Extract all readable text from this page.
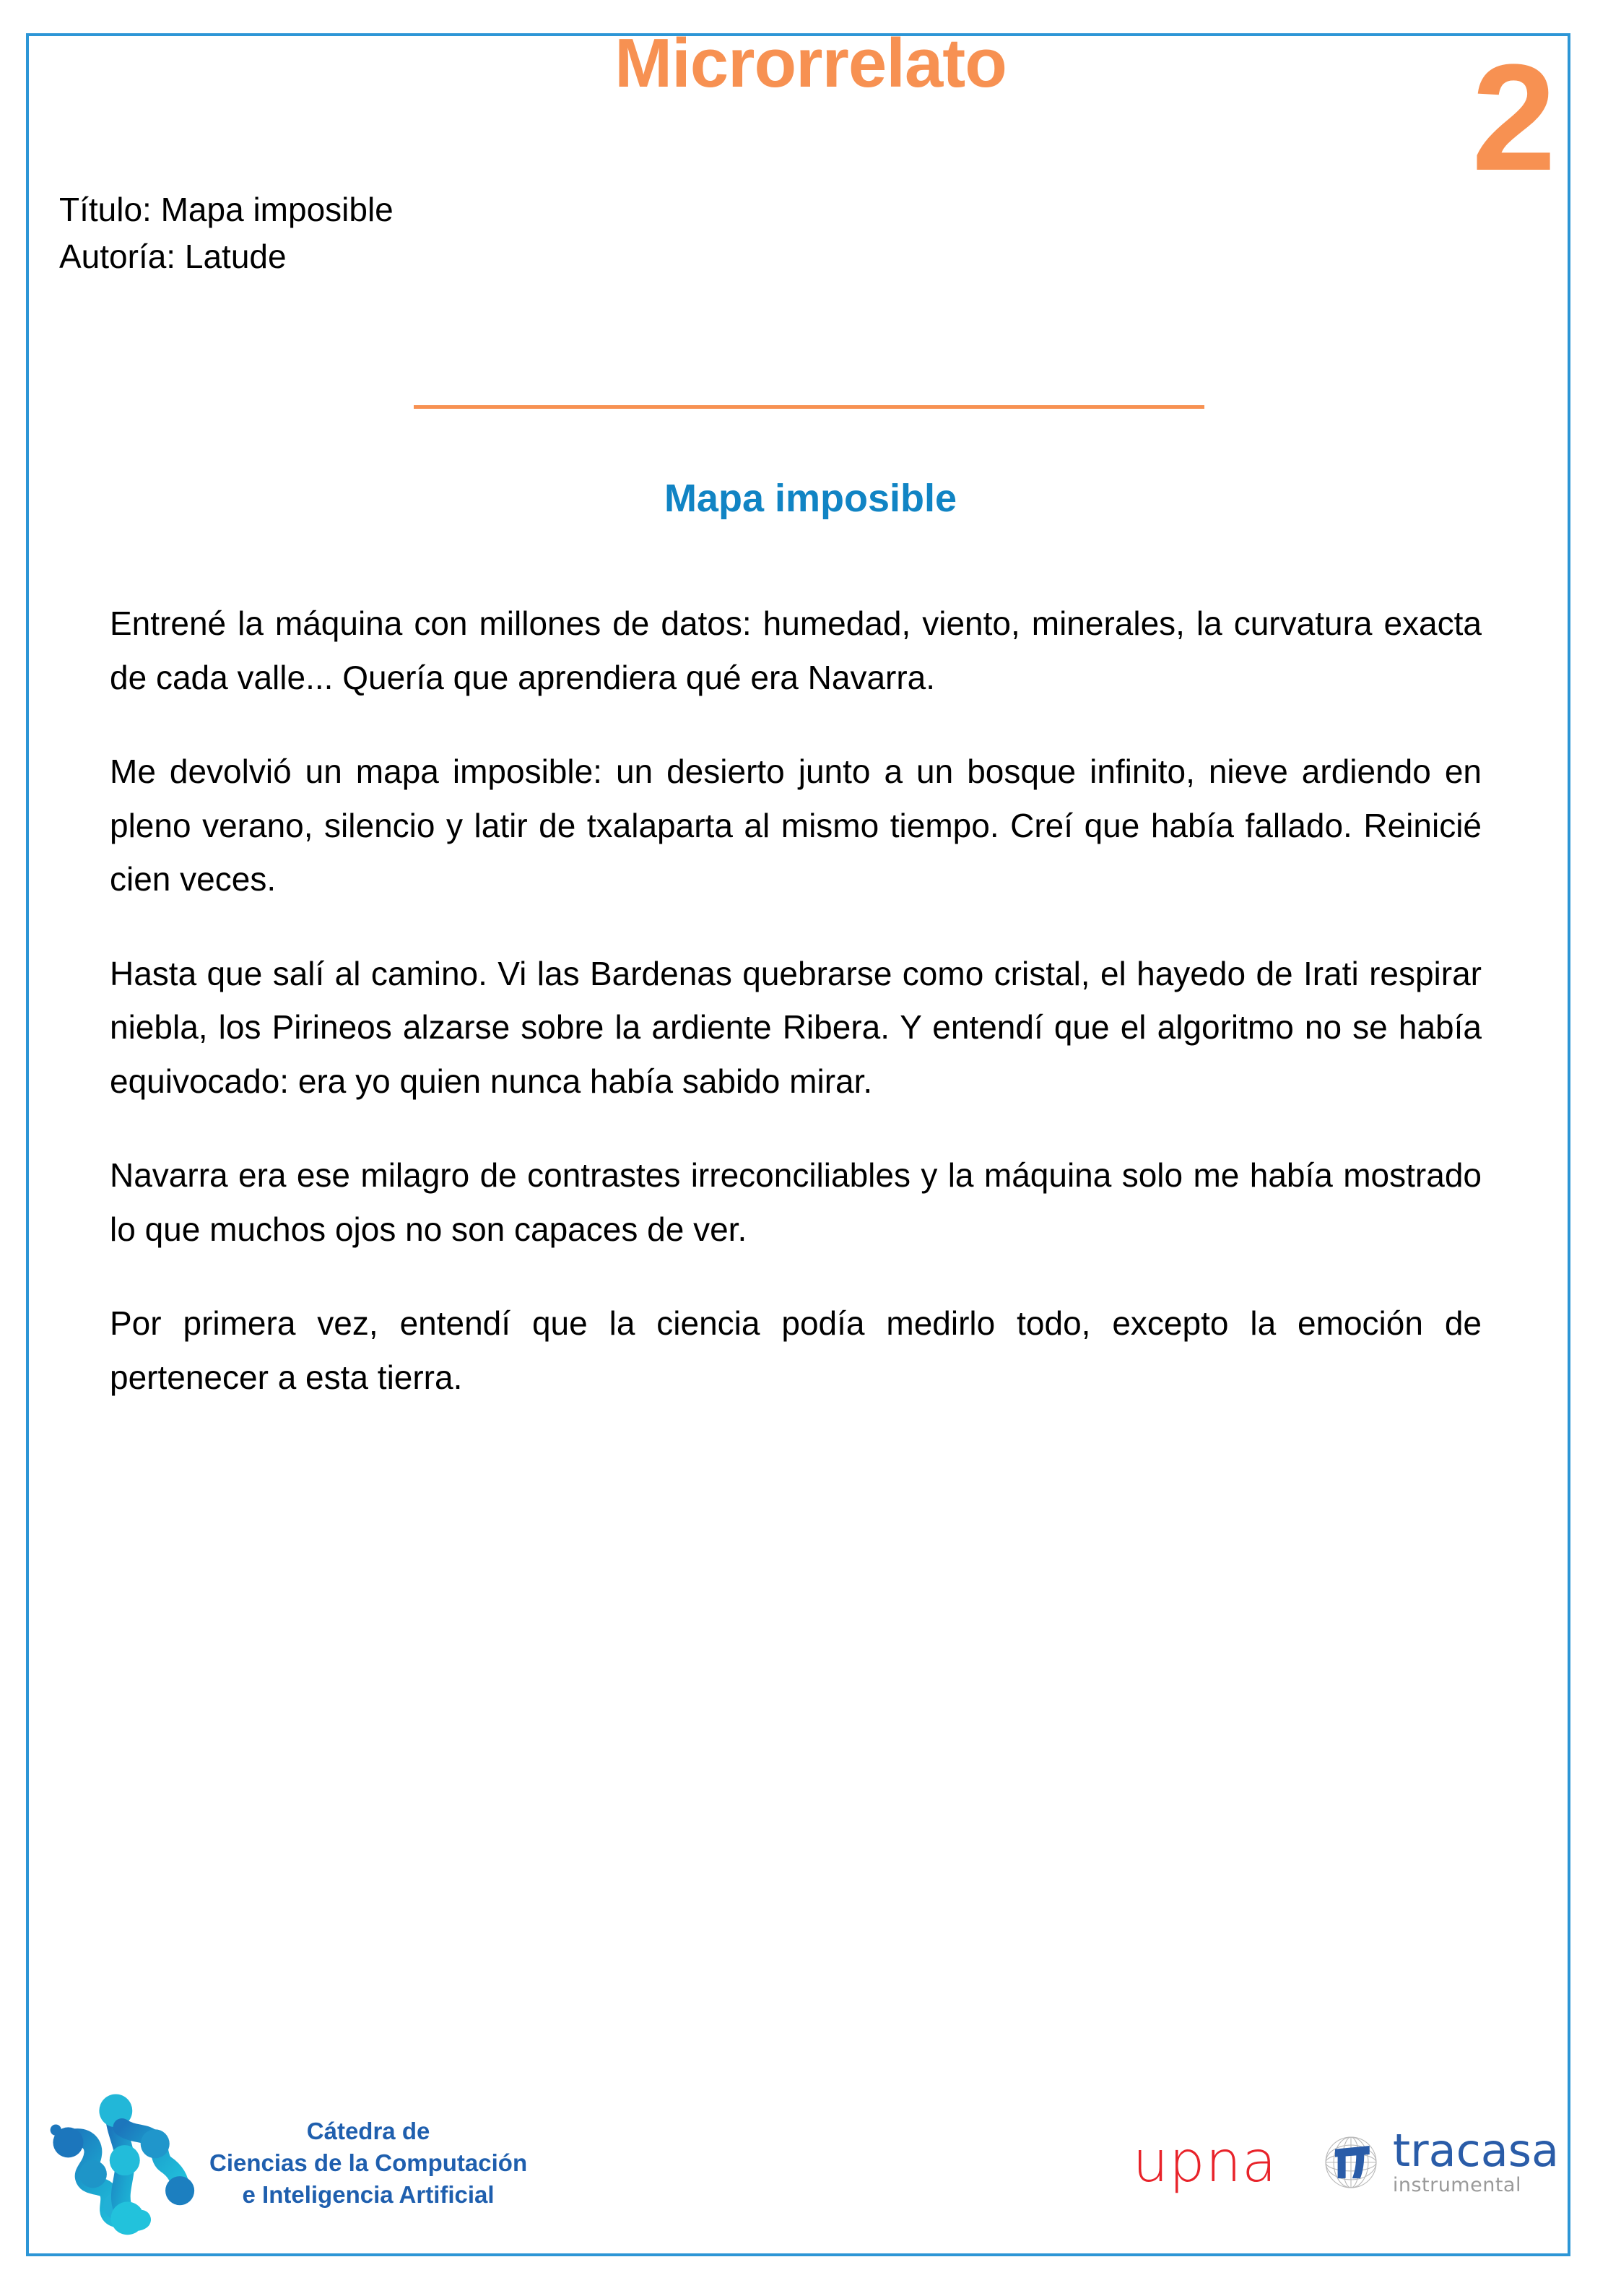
Microrrelato	2
Título: Mapa imposible
Autoría: Latude
Mapa imposible

Entrené la máquina con millones de datos: humedad, viento, minerales, la curvatura exacta de cada valle... Quería que aprendiera qué era Navarra.

Me devolvió un mapa imposible: un desierto junto a un bosque infinito, nieve ardiendo en pleno verano, silencio y latir de txalaparta al mismo tiempo. Creí que había fallado. Reinicié cien veces.

Hasta que salí al camino. Vi las Bardenas quebrarse como cristal, el hayedo de Irati respirar niebla, los Pirineos alzarse sobre la ardiente Ribera. Y entendí que el algoritmo no se había equivocado: era yo quien nunca había sabido mirar.

Navarra era ese milagro de contrastes irreconciliables y la máquina solo me había mostrado lo que muchos ojos no son capaces de ver.

Por primera vez, entendí que la ciencia podía medirlo todo, excepto la emoción de pertenecer a esta tierra.

Cátedra de
Ciencias de la Computación
e Inteligencia Artificial	upna	tracasa
instrumental
